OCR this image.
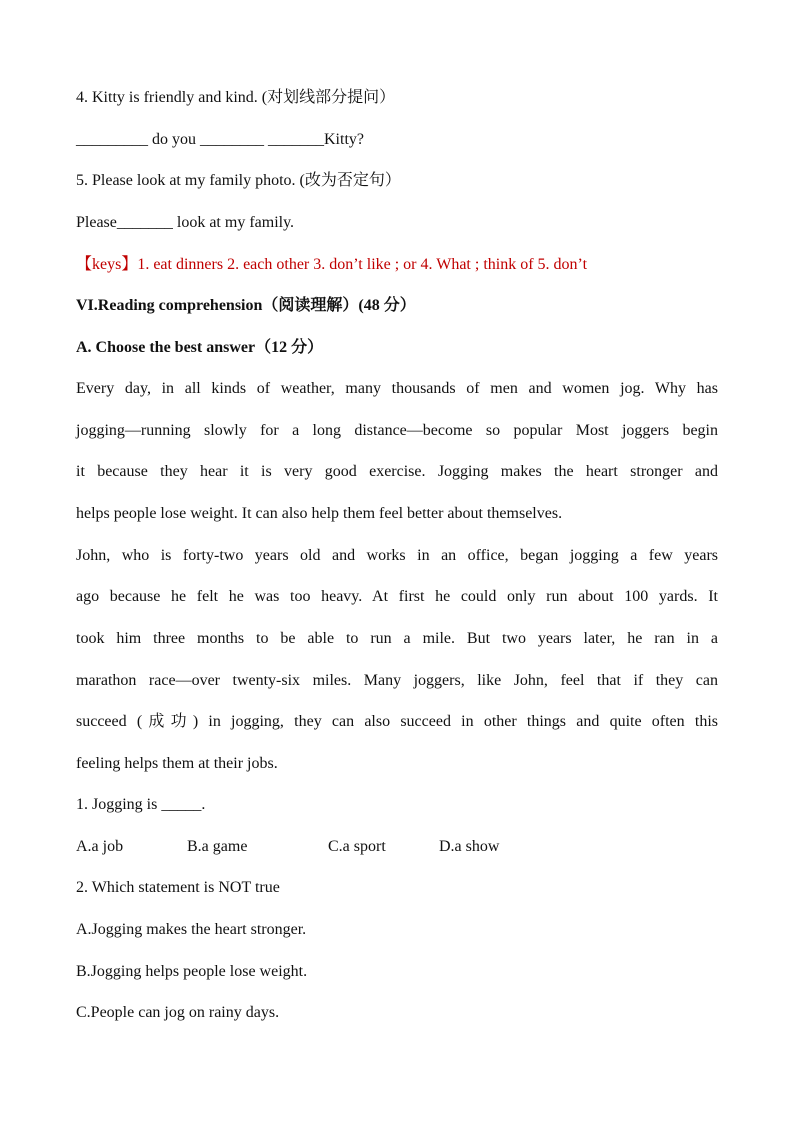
4. Kitty is friendly and kind. (对划线部分提问）
_________ do you ________ _______Kitty?
5. Please look at my family photo. (改为否定句）
Please_______ look at my family.
【keys】1. eat dinners 2. each other 3. don’t like ; or 4. What ; think of 5. don’t
VI.Reading comprehension（阅读理解）(48 分）
A. Choose the best answer（12 分）
Every day, in all kinds of weather, many thousands of men and women jog. Why has
jogging—running slowly for a long distance—become so popular Most joggers begin
it because they hear it is very good exercise. Jogging makes the heart stronger and
helps people lose weight. It can also help them feel better about themselves.
John, who is forty-two years old and works in an office, began jogging a few years
ago because he felt he was too heavy. At first he could only run about 100 yards. It
took him three months to be able to run a mile. But two years later, he ran in a
marathon race—over twenty-six miles. Many joggers, like John, feel that if they can
succeed (成功) in jogging, they can also succeed in other things and quite often this
feeling helps them at their jobs.
1. Jogging is _____.
A.a job	B.a game	C.a sport	D.a show
2. Which statement is NOT true
A.Jogging makes the heart stronger.
B.Jogging helps people lose weight.
C.People can jog on rainy days.
